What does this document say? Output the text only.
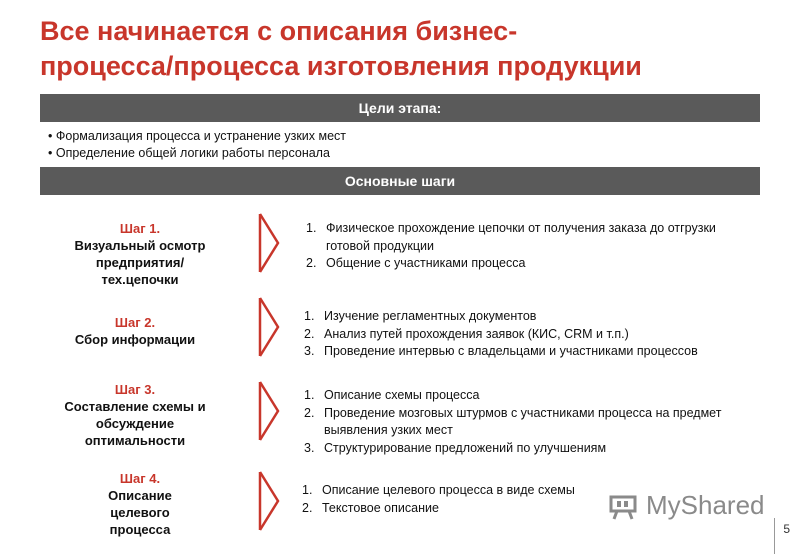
Все начинается с описания бизнес-
процесса/процесса изготовления продукции
Цели этапа:
• Формализация процесса и устранение узких мест
• Определение общей логики работы персонала
Основные шаги
Шаг 1.
Визуальный осмотр предприятия/тех.цепочки
1. Физическое прохождение цепочки от получения заказа до отгрузки готовой продукции
2. Общение с участниками процесса
Шаг 2.
Сбор информации
1. Изучение регламентных документов
2. Анализ путей прохождения заявок (КИС, CRM и т.п.)
3. Проведение интервью с владельцами и участниками процессов
Шаг 3.
Составление схемы и обсуждение оптимальности
1. Описание схемы процесса
2. Проведение мозговых штурмов с участниками процесса на предмет выявления узких мест
3. Структурирование предложений по улучшениям
Шаг 4.
Описание целевого процесса
1. Описание целевого процесса в виде схемы
2. Текстовое описание	MyShared
5
